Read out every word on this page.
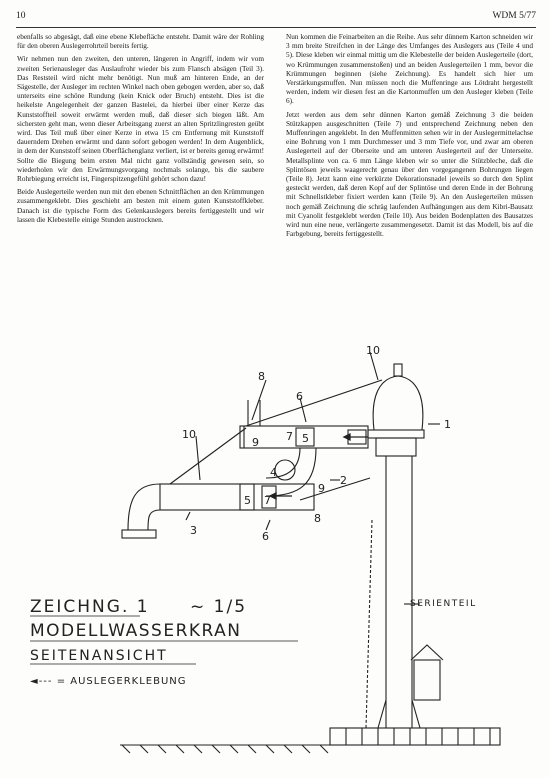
10	WDM 5/77

ebenfalls so abgesägt, daß eine ebene Klebefläche entsteht. Damit wäre der Rohling für den oberen Auslegerrohrteil bereits fertig.

Wir nehmen nun den zweiten, den unteren, längeren in Angriff, indem wir vom zweiten Serienausleger das Auslaufrohr wieder bis zum Flansch absägen (Teil 3). Das Reststeil wird nicht mehr benötigt. Nun muß am hinteren Ende, an der Sägestelle, der Ausleger im rechten Winkel nach oben gebogen werden, aber so, daß unterseits eine schöne Rundung (kein Knick oder Bruch) entsteht. Dies ist die heikelste Angelegenheit der ganzen Bastelei, da hierbei über einer Kerze das Kunststoffteil soweit erwärmt werden muß, daß dieser sich biegen läßt. Am sichersten geht man, wenn dieser Arbeitsgang zuerst an alten Spritzlingresten geübt wird. Das Teil muß über einer Kerze in etwa 15 cm Entfernung mit Kunststoff dauerndem Drehen erwärmt und dann sofort gebogen werden! In dem Augenblick, in dem der Kunststoff seinen Oberflächenglanz verliert, ist er bereits genug erwärmt! Sollte die Biegung beim ersten Mal nicht ganz vollständig gewesen sein, so wiederholen wir den Erwärmungsvorgang nochmals solange, bis die saubere Rohrbiegung erreicht ist, Fingerspitzengefühl gehört schon dazu!

Beide Auslegerteile werden nun mit den ebenen Schnittflächen an den Krümmungen zusammengeklebt. Dies geschieht am besten mit einem guten Kunststoffkleber. Danach ist die typische Form des Gelenkauslegers bereits fertiggestellt und wir lassen die Klebestelle einige Stunden austrocknen.

Nun kommen die Feinarbeiten an die Reihe. Aus sehr dünnem Karton schneiden wir 3 mm breite Streifchen in der Länge des Umfanges des Auslegers aus (Teile 4 und 5). Diese kleben wir einmal mittig um die Klebestelle der beiden Auslegerteile (dort, wo Krümmungen zusammenstoßen) und an beiden Auslegerteilen 1 mm, bevor die Krümmungen beginnen (siehe Zeichnung). Es handelt sich hier um Verstärkungsmuffen. Nun müssen noch die Muffenringe aus Lötdraht hergestellt werden, indem wir diesen fest an die Kartonmuffen um den Ausleger kleben (Teile 6).

Jetzt werden aus dem sehr dünnen Karton gemäß Zeichnung 3 die beiden Stützkappen ausgeschnitten (Teile 7) und entsprechend Zeichnung neben den Muffenringen angeklebt. In den Muffenmitten sehen wir in der Auslegermittelachse eine Bohrung von 1 mm Durchmesser und 3 mm Tiefe vor, und zwar am oberen Auslegerteil auf der Oberseite und am unteren Auslegerteil auf der Unterseite. Metallsplinte von ca. 6 mm Länge kleben wir so unter die Stützbleche, daß die Splintösen jeweils waagerecht genau über den vorgegangenen Bohrungen liegen (Teile 8). Jetzt kann eine verkürzte Dekorationsnadel jeweils so durch den Splint gesteckt werden, daß deren Kopf auf der Splintöse und deren Ende in der Bohrung mit Schnellstkleber fixiert werden kann (Teile 9). An den Auslegerteilen müssen noch gemäß Zeichnung die schräg laufenden Aufhängungen aus dem Kibri-Bausatz mit Cyanolit festgeklebt werden (Teile 10). Aus beiden Bodenplatten des Bausatzes wird nun eine neue, verlängerte zusammengesetzt. Damit ist das Modell, bis auf die Farbgebung, bereits fertiggestellt.

10
8
6
1
10
9 7 5
4
2
5 7
9
8
3	6
ZEICHNG. 1 ~ 1/5
MODELLWASSERKRAN
SEITENANSICHT
◄--- = AUSLEGERKLEBUNG
SERIENTEIL
